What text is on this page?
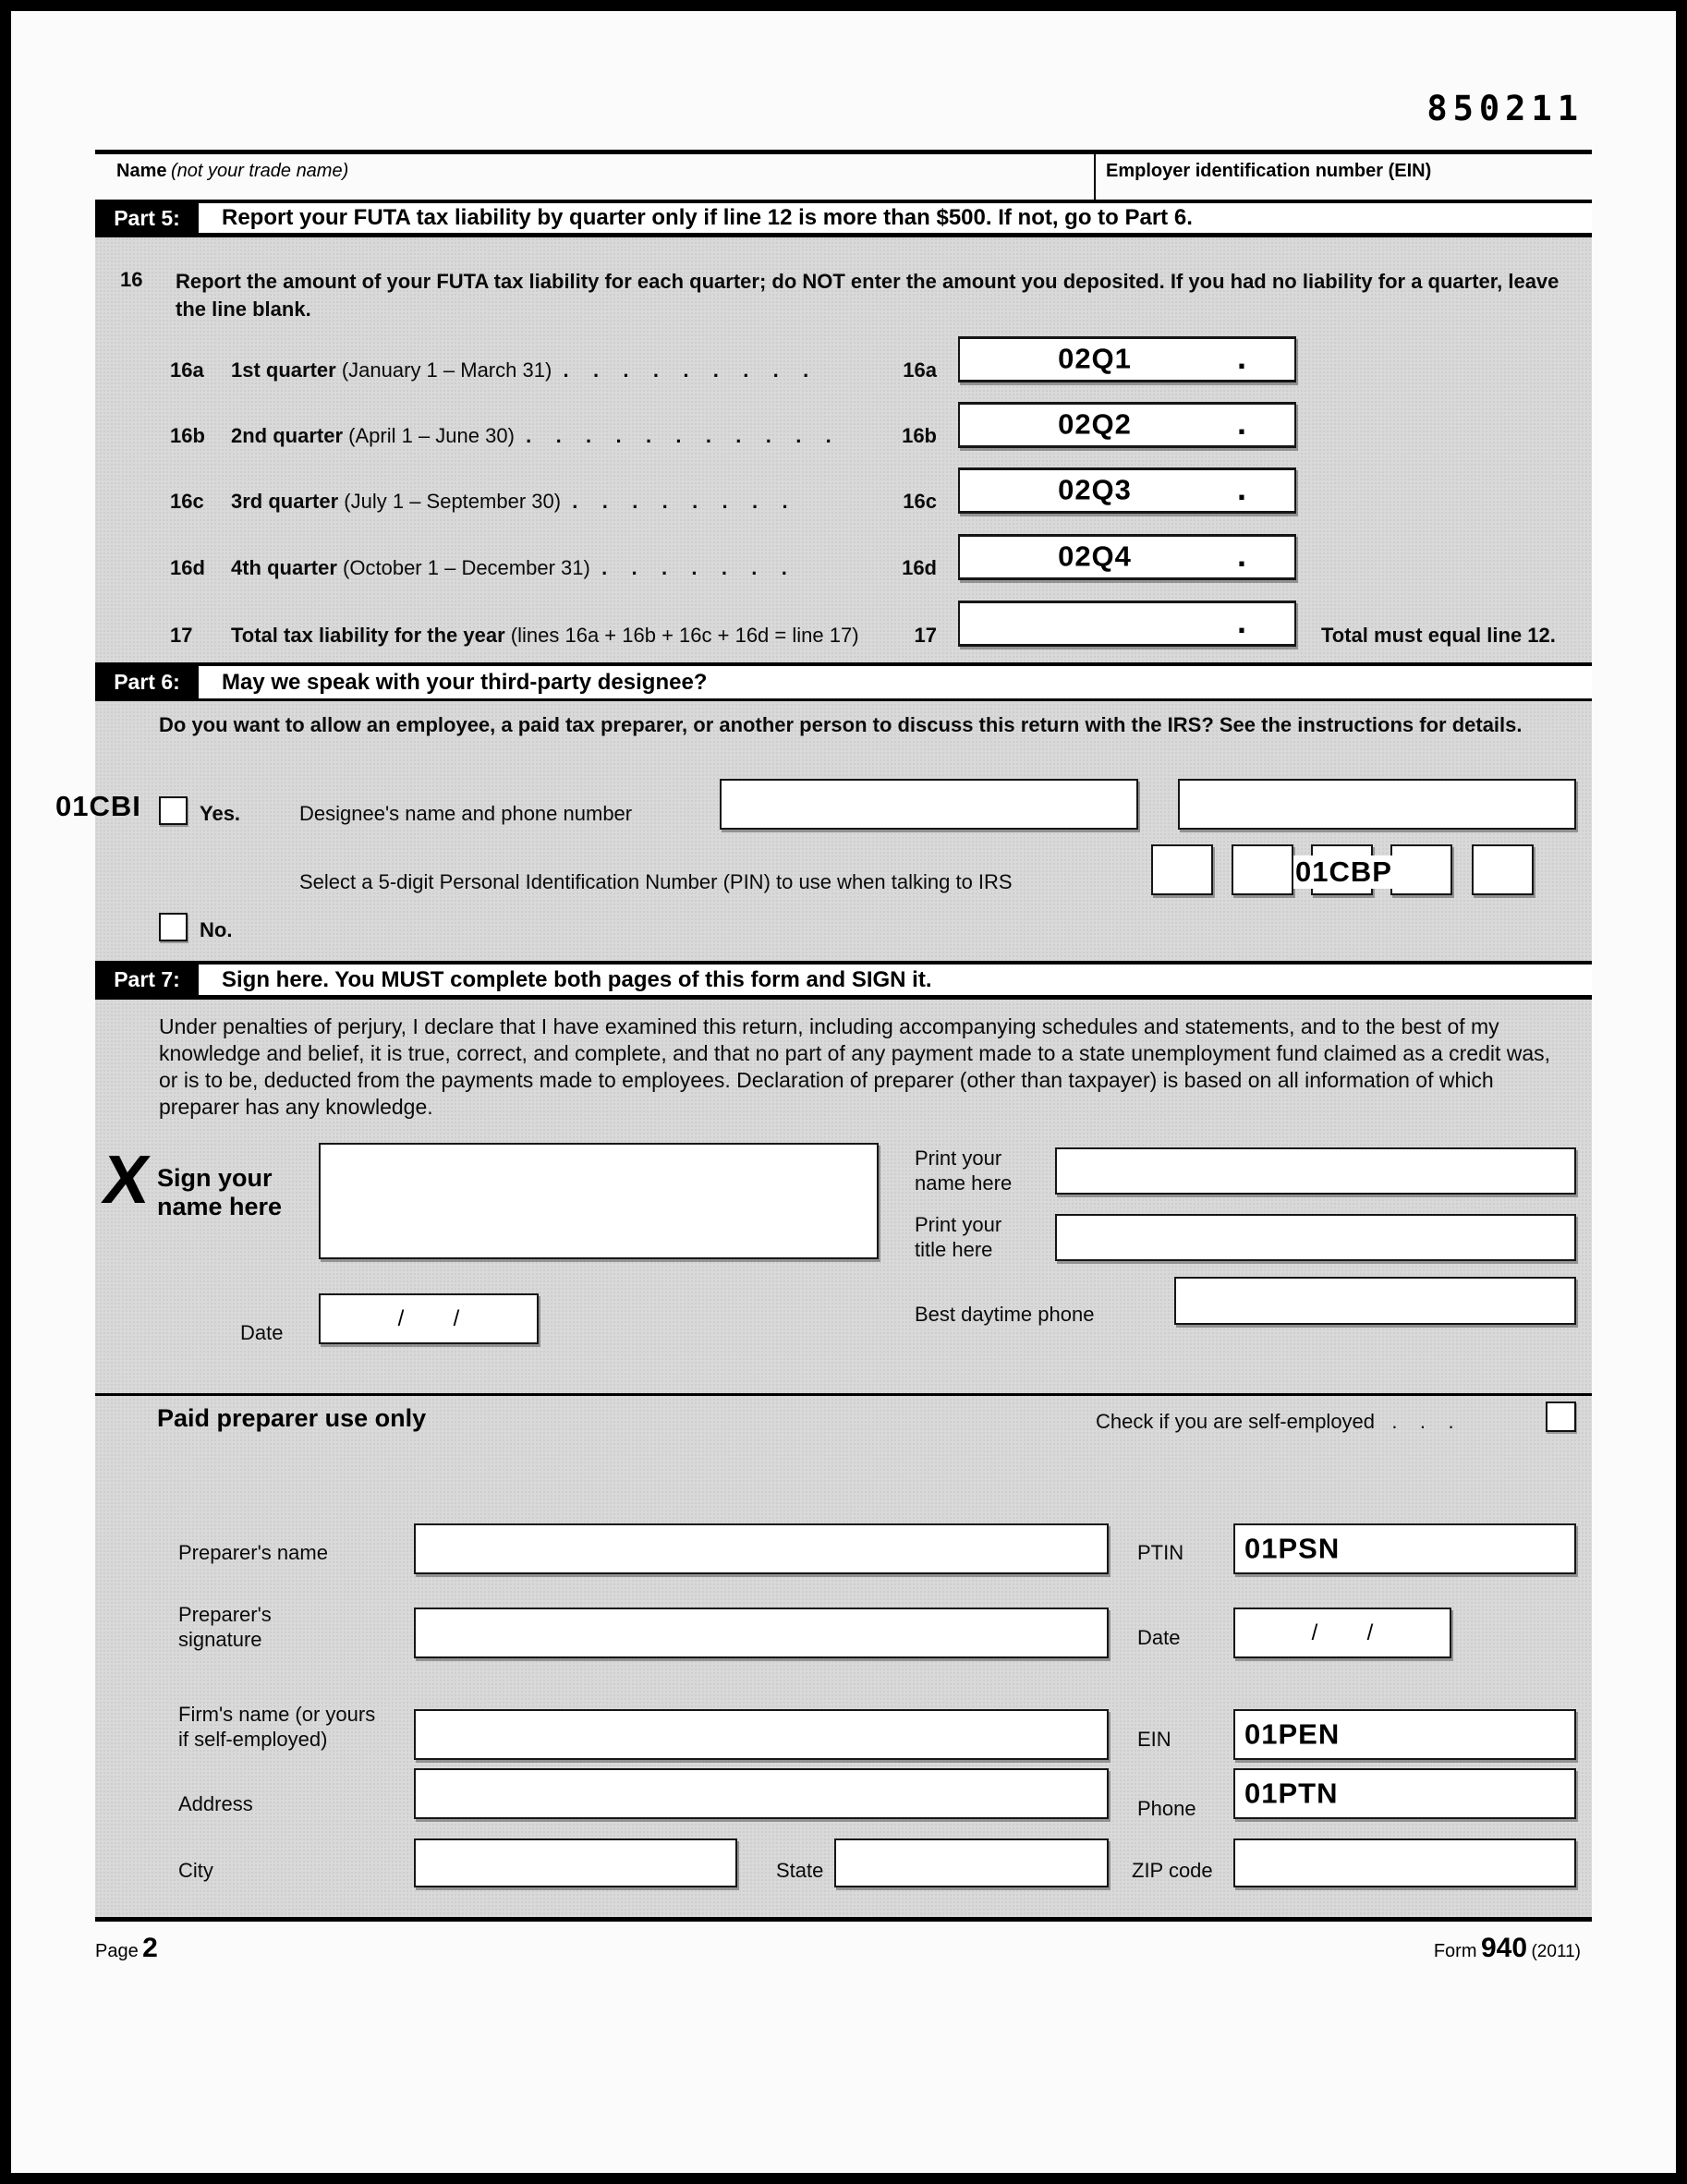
850211
Name (not your trade name)	Employer identification number (EIN)
Part 5:	Report your FUTA tax liability by quarter only if line 12 is more than $500. If not, go to Part 6.
16 Report the amount of your FUTA tax liability for each quarter; do NOT enter the amount you deposited. If you had no liability for a quarter, leave the line blank.
16a 1st quarter (January 1 – March 31) .   .   .   .   .   .   .   .   .	16a	02Q1	.
16b 2nd quarter (April 1 – June 30) .   .   .   .   .   .   .   .   .   .   .	16b	02Q2	.
16c 3rd quarter (July 1 – September 30) .   .   .   .   .   .   .   .	16c	02Q3	.
16d 4th quarter (October 1 – December 31) .   .   .   .   .   .   .	16d	02Q4	.
17 Total tax liability for the year (lines 16a + 16b + 16c + 16d = line 17)	17	.	Total must equal line 12.
Part 6:	May we speak with your third-party designee?
Do you want to allow an employee, a paid tax preparer, or another person to discuss this return with the IRS? See the instructions for details.
01CBI	Yes.	Designee's name and phone number
Select a 5-digit Personal Identification Number (PIN) to use when talking to IRS	01CBP
No.
Part 7:	Sign here. You MUST complete both pages of this form and SIGN it.
Under penalties of perjury, I declare that I have examined this return, including accompanying schedules and statements, and to the best of my knowledge and belief, it is true, correct, and complete, and that no part of any payment made to a state unemployment fund claimed as a credit was, or is to be, deducted from the payments made to employees. Declaration of preparer (other than taxpayer) is based on all information of which preparer has any knowledge.
X Sign your
name here
Print your
name here
Print your
title here
Date
/        /	Best daytime phone
Paid preparer use only	Check if you are self-employed .    .    .
Preparer's name	PTIN 01PSN
Preparer's
signature	Date	/        /
Firm's name (or yours
if self-employed)	EIN	01PEN
Address	Phone 01PTN
City	State	ZIP code
Page 2	Form 940 (2011)
